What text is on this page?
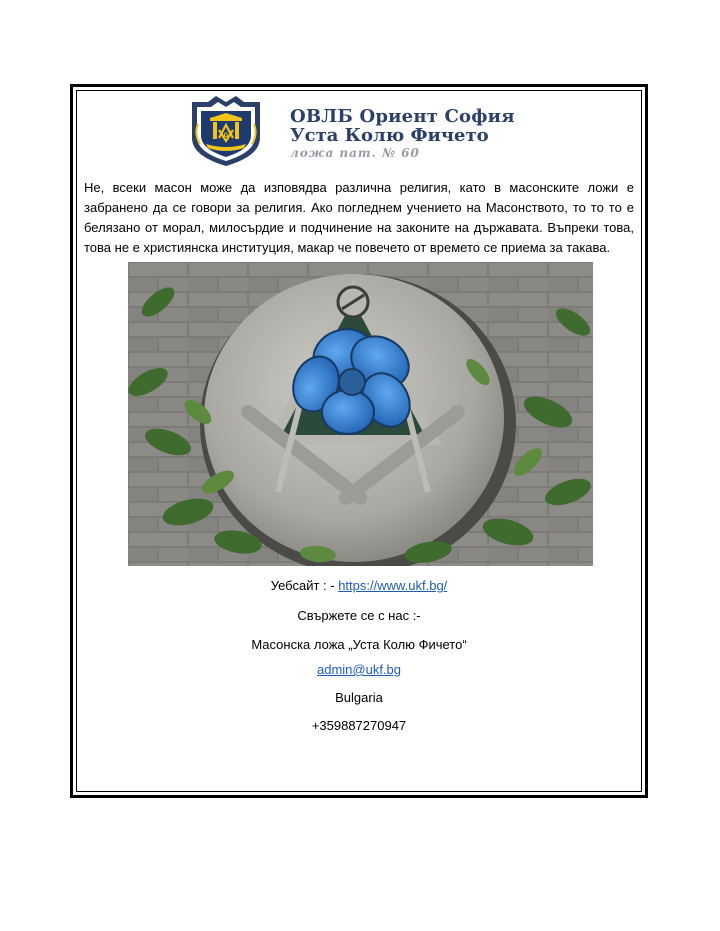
G

ОВЛБ Ориент София

Уста Колю Фичето

ложа пат. № 60

Не, всеки масон може да изповядва различна религия, като в масонските ложи е забранено да се говори за религия. Ако погледнем учението на Масонството, то то то е белязано от морал, милосърдие и подчинение на законите на държавата. Въпреки това, това не е християнска институция, макар че повечето от времето се приема за такава.

Уебсайт : - https://www.ukf.bg/

Свържете се с нас :-

Масонска ложа „Уста Колю Фичето“

admin@ukf.bg

Bulgaria

+359887270947
